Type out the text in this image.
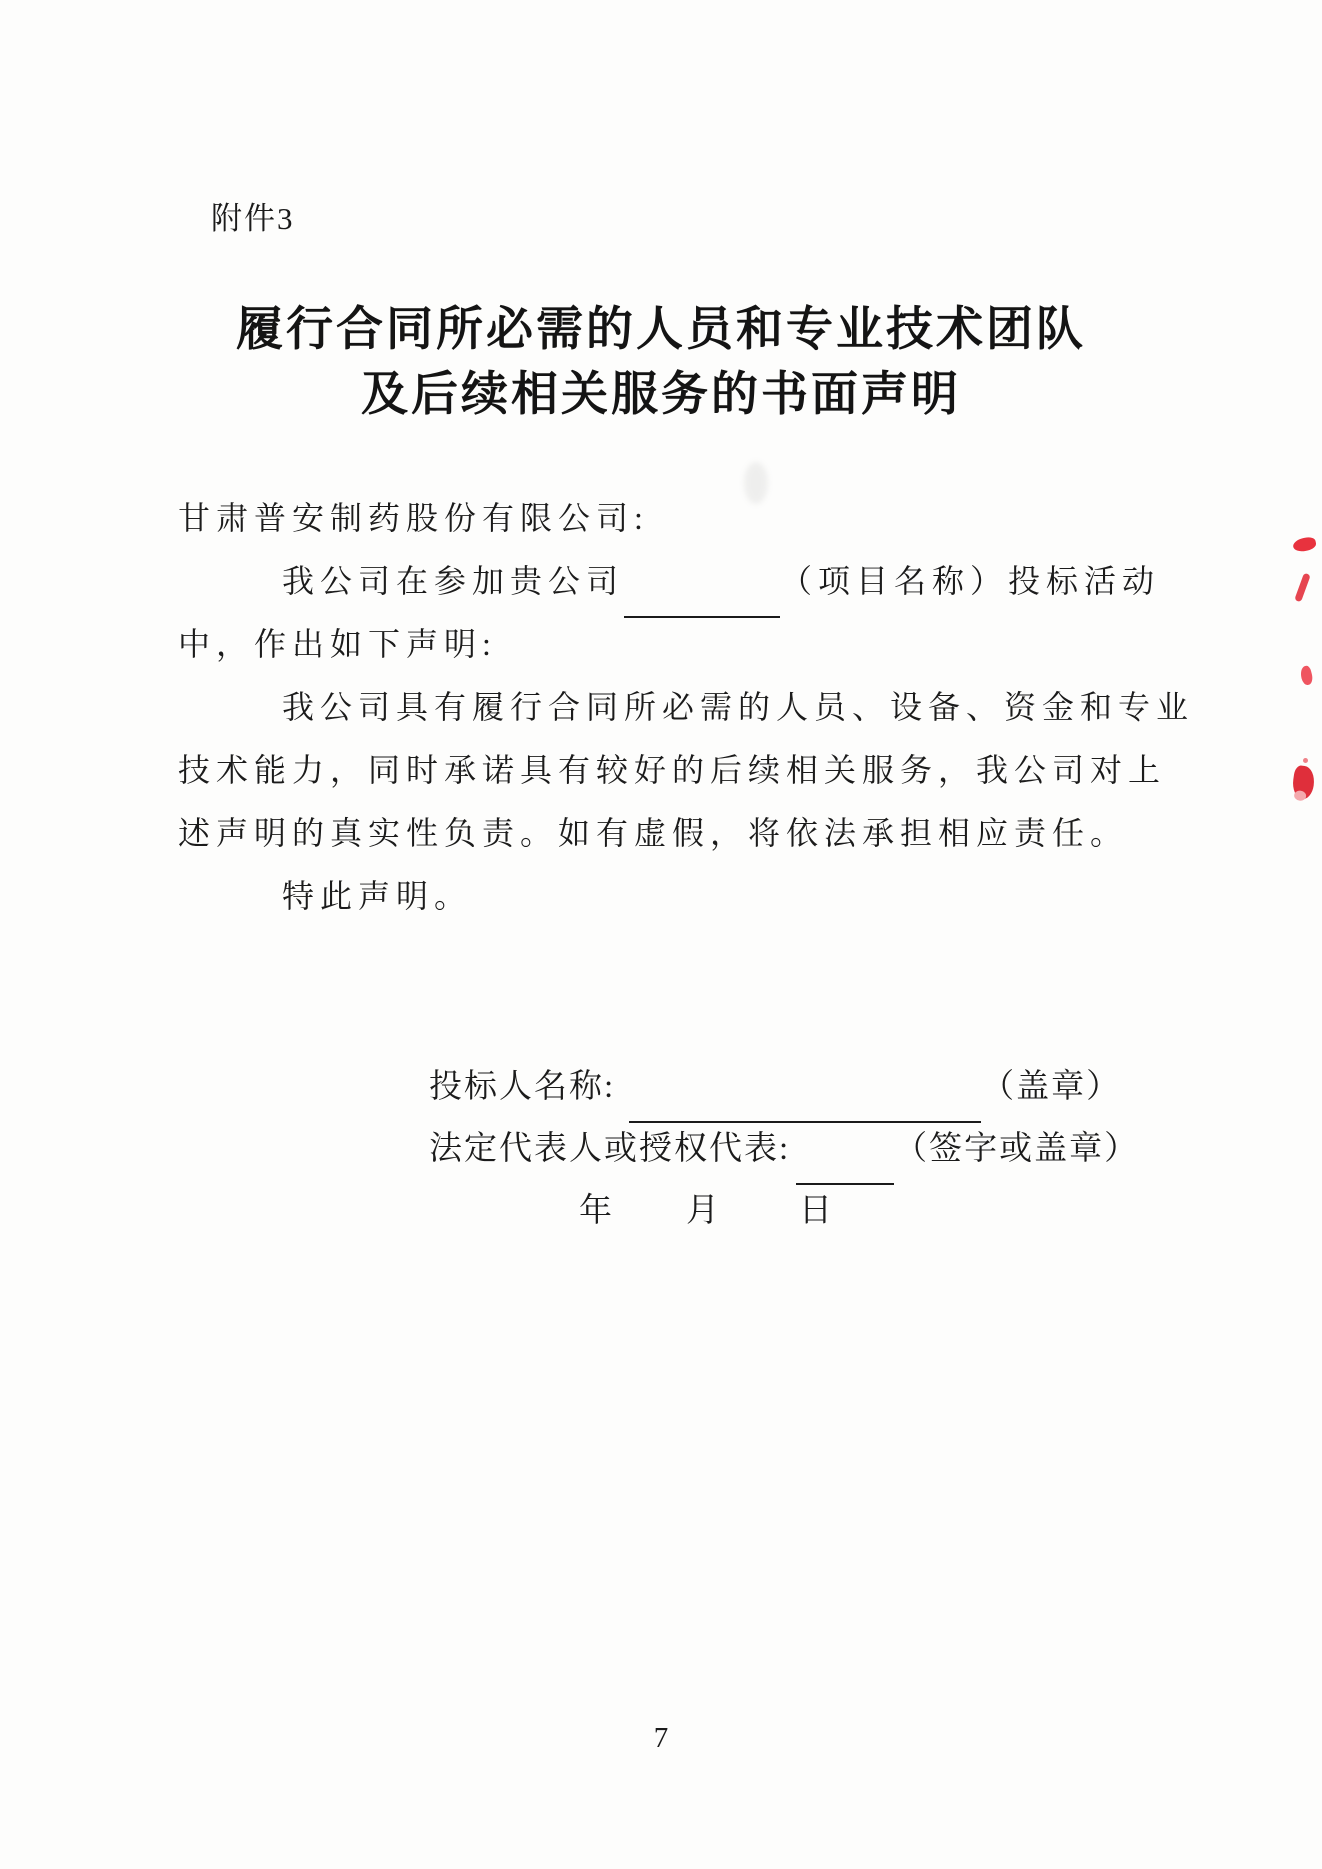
附件3
履行合同所必需的人员和专业技术团队
及后续相关服务的书面声明
甘肃普安制药股份有限公司:
我公司在参加贵公司	（项目名称）投标活动
中，作出如下声明:
我公司具有履行合同所必需的人员、设备、资金和专业
技术能力，同时承诺具有较好的后续相关服务，我公司对上
述声明的真实性负责。如有虚假，将依法承担相应责任。
特此声明。
投标人名称:	（盖章）
法定代表人或授权代表:	（签字或盖章）
年 月 日
7
